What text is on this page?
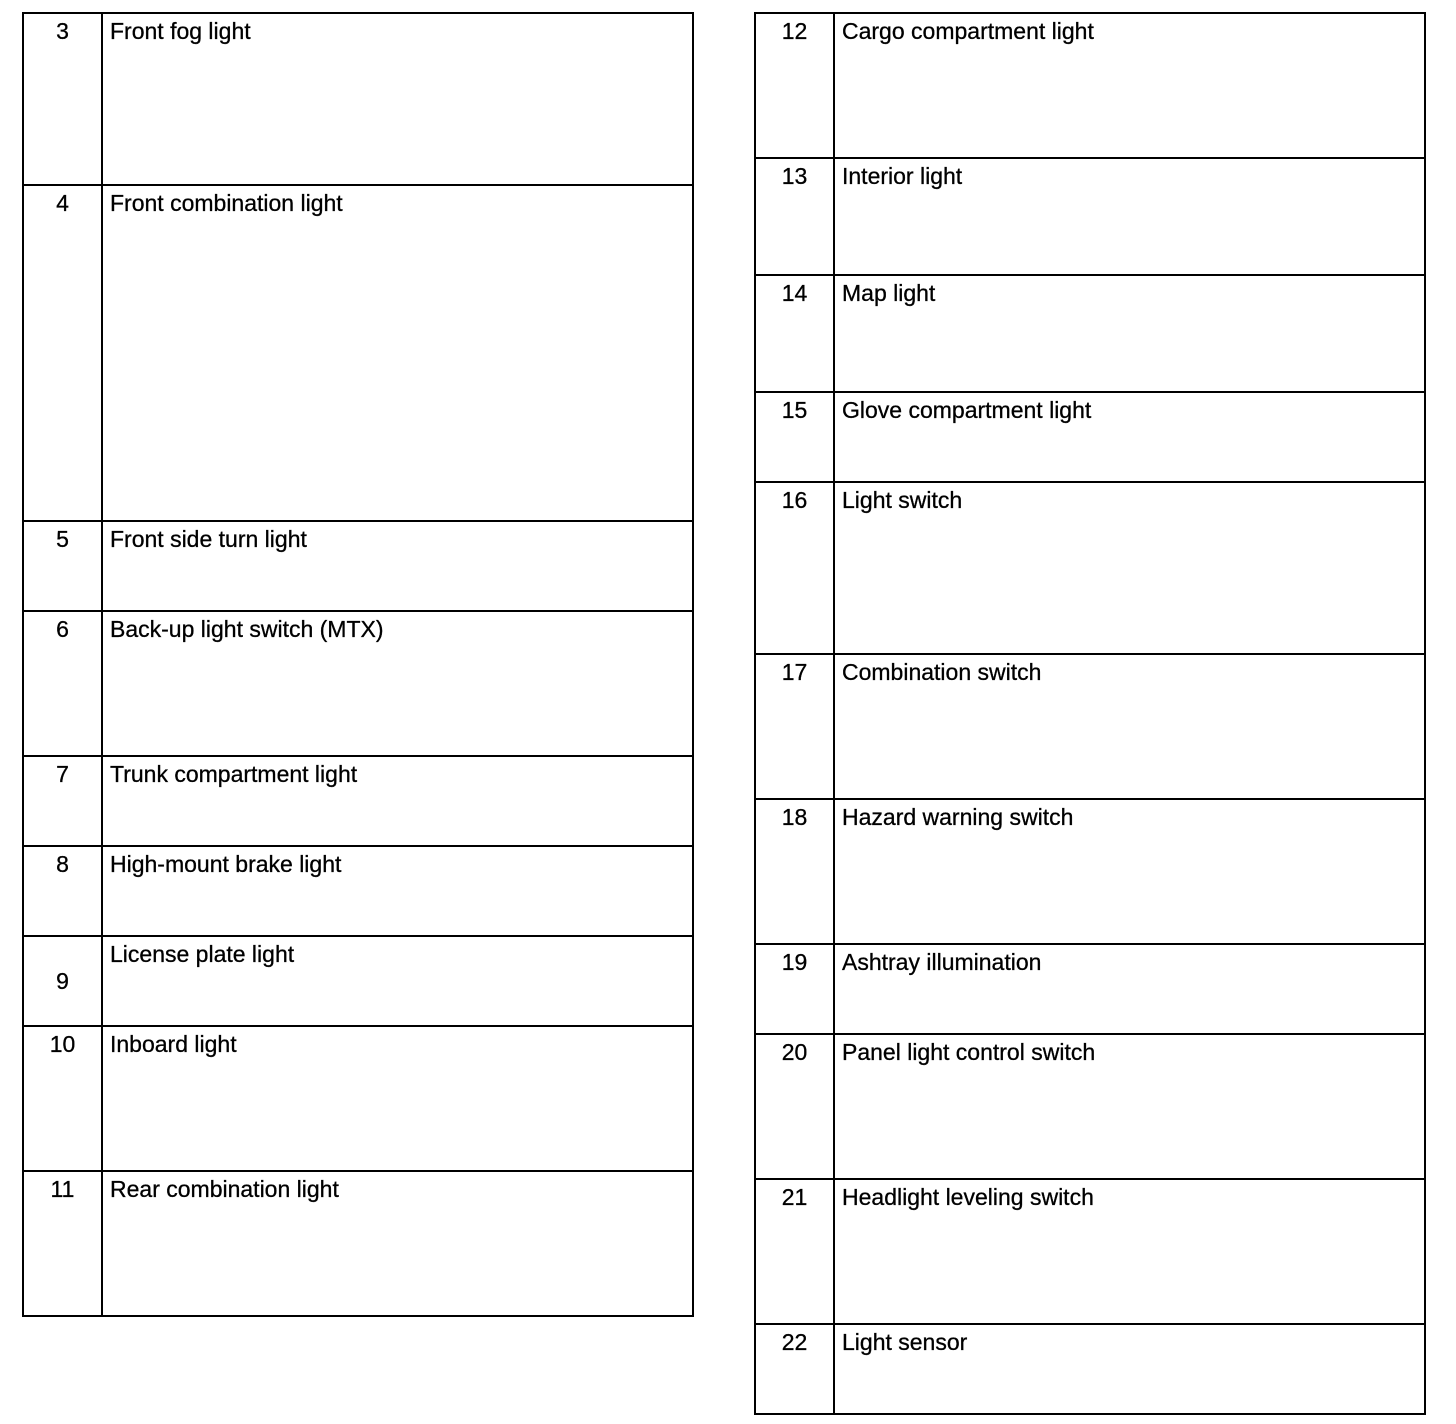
3	Front fog light
4	Front combination light
5	Front side turn light
6	Back-up light switch (MTX)
7	Trunk compartment light
8	High-mount brake light
9	License plate light
10	Inboard light
11	Rear combination light
12	Cargo compartment light
13	Interior light
14	Map light
15	Glove compartment light
16	Light switch
17	Combination switch
18	Hazard warning switch
19	Ashtray illumination
20	Panel light control switch
21	Headlight leveling switch
22	Light sensor
